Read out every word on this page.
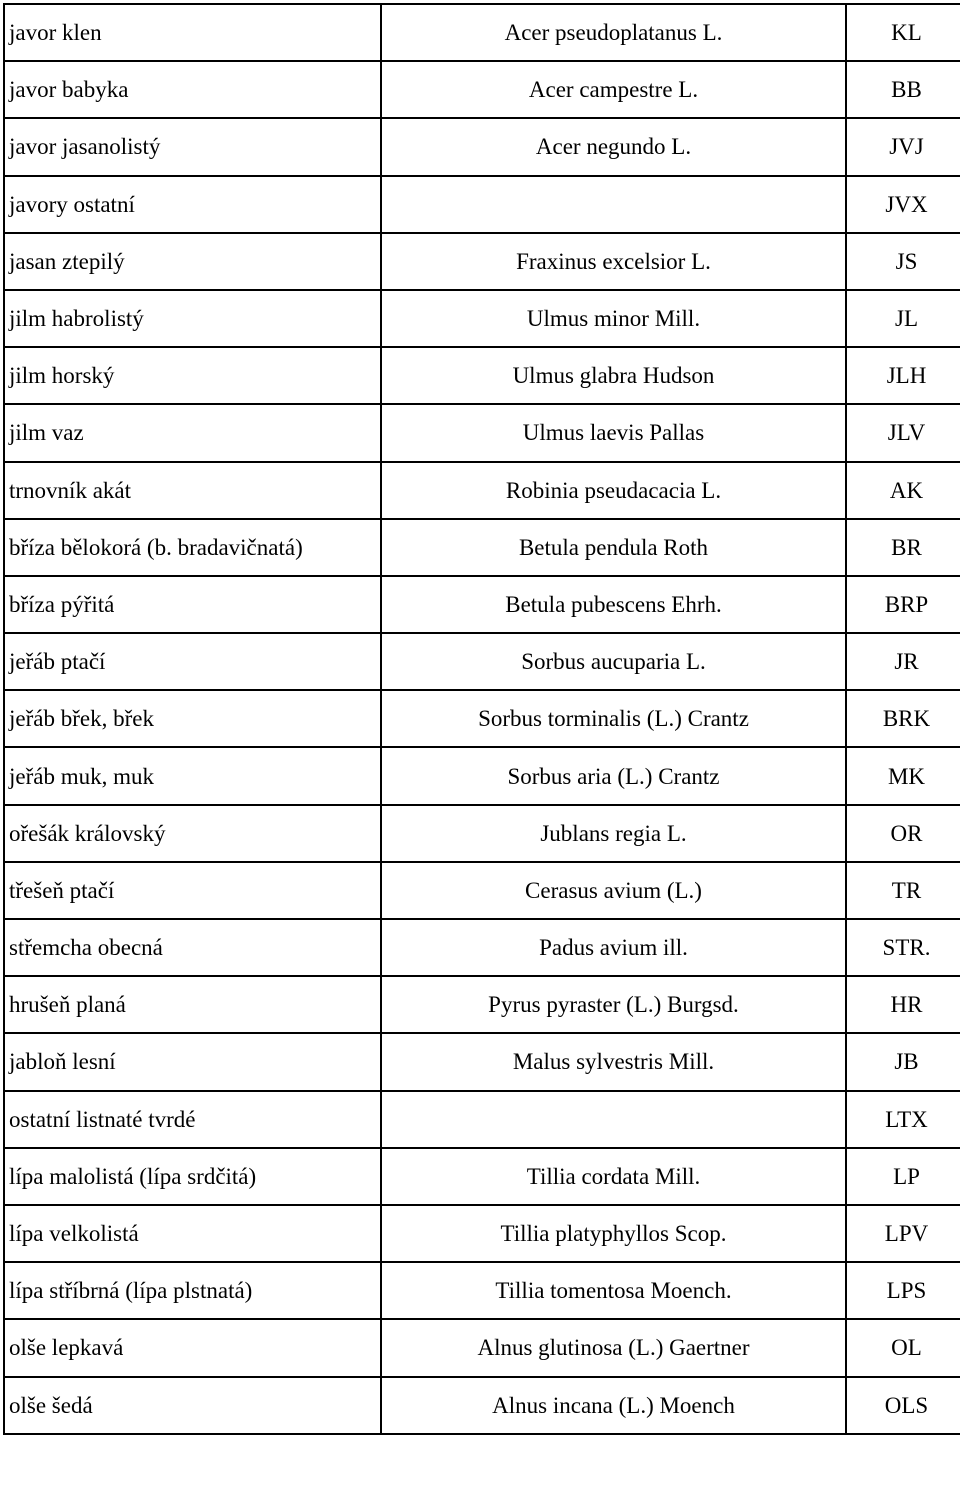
javor klen	Acer pseudoplatanus L.	KL
javor babyka	Acer campestre L.	BB
javor jasanolistý	Acer negundo L.	JVJ
javory ostatní		JVX
jasan ztepilý	Fraxinus excelsior L.	JS
jilm habrolistý	Ulmus minor Mill.	JL
jilm horský	Ulmus glabra Hudson	JLH
jilm vaz	Ulmus laevis Pallas	JLV
trnovník akát	Robinia pseudacacia L.	AK
bříza bělokorá (b. bradavičnatá)	Betula pendula Roth	BR
bříza pýřitá	Betula pubescens Ehrh.	BRP
jeřáb ptačí	Sorbus aucuparia L.	JR
jeřáb břek, břek	Sorbus torminalis (L.) Crantz	BRK
jeřáb muk, muk	Sorbus aria (L.) Crantz	MK
ořešák královský	Jublans regia L.	OR
třešeň ptačí	Cerasus avium (L.)	TR
střemcha obecná	Padus avium ill.	STR.
hrušeň planá	Pyrus pyraster (L.) Burgsd.	HR
jabloň lesní	Malus sylvestris Mill.	JB
ostatní listnaté tvrdé		LTX
lípa malolistá (lípa srdčitá)	Tillia cordata Mill.	LP
lípa velkolistá	Tillia platyphyllos Scop.	LPV
lípa stříbrná (lípa plstnatá)	Tillia tomentosa Moench.	LPS
olše lepkavá	Alnus glutinosa (L.) Gaertner	OL
olše šedá	Alnus incana (L.) Moench	OLS
